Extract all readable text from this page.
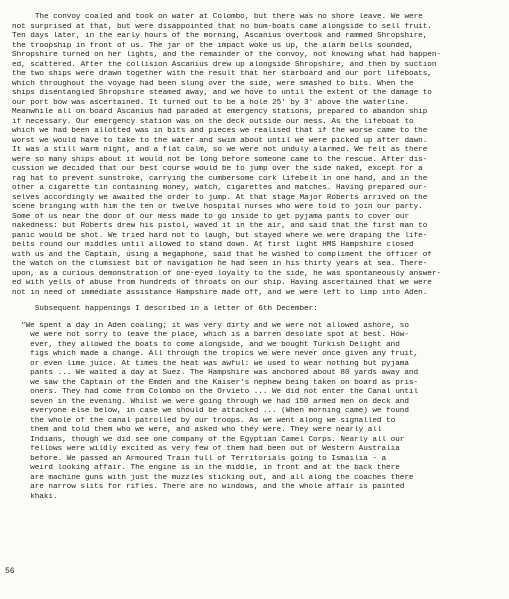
The convoy coaled and took on water at Colombo, but there was no shore leave. We were
not surprised at that, but were disappointed that no bum-boats came alongside to sell fruit.
Ten days later, in the early hours of the morning, Ascanius overtook and rammed Shropshire,
the troopship in front of us. The jar of the impact woke us up, the alarm bells sounded,
Shropshire turned on her lights, and the remainder of the convoy, not knowing what had happen-
ed, scattered. After the collision Ascanius drew up alongside Shropshire, and then by suction
the two ships were drawn together with the result that her starboard and our port lifeboats,
which throughout the voyage had been slung over the side, were smashed to bits. When the
ships disentangled Shropshire steamed away, and we hove to until the extent of the damage to
our port bow was ascertained. It turned out to be a hole 25' by 3' above the waterline.
Meanwhile all on board Ascanius had paraded at emergency stations, prepared to abandon ship
if necessary. Our emergency station was on the deck outside our mess. As the lifeboat to
which we had been allotted was in bits and pieces we realised that if the worse came to the
worst we would have to take to the water and swim about until we were picked up after dawn.
It was a still warm night, and a flat calm, so we were not unduly alarmed. We felt as there
were so many ships about it would not be long before someone came to the rescue. After dis-
cussion we decided that our best course would be to jump over the side naked, except for a
rag hat to prevent sunstroke, carrying the cumbersome cork lifebelt in one hand, and in the
other a cigarette tin containing money, watch, cigarettes and matches. Having prepared our-
selves accordingly we awaited the order to jump. At that stage Major Roberts arrived on the
scene bringing with him the ten or twelve hospital nurses who were told to join our party.
Some of us near the door of our mess made to go inside to get pyjama pants to cover our
nakedness: but Roberts drew his pistol, waved it in the air, and said that the first man to
panic would be shot. We tried hard not to laugh, but stayed where we were draping the life-
belts round our middles until allowed to stand down. At first light HMS Hampshire closed
with us and the Captain, using a megaphone, said that he wished to compliment the officer of
the watch on the clumsiest bit of navigation he had seen in his thirty years at sea. There-
upon, as a curious demonstration of one-eyed loyalty to the side, he was spontaneously answer-
ed with yells of abuse from hundreds of throats on our ship. Having ascertained that we were
not in need of immediate assistance Hampshire made off, and we were left to limp into Aden.
Subsequent happenings I described in a letter of 6th December:
"We spent a day in Aden coaling; it was very dirty and we were not allowed ashore, so
we were not sorry to leave the place, which is a barren desolate spot at best. How-
ever, they allowed the boats to come alongside, and we bought Turkish Delight and
figs which made a change. All through the tropics we were never once given any fruit,
or even lime juice. At times the heat was awful: we used to wear nothing but pyjama
pants ... We waited a day at Suez. The Hampshire was anchored about 80 yards away and
we saw the Captain of the Emden and the Kaiser's nephew being taken on board as pris-
oners. They had come from Colombo on the Orvieto ... We did not enter the Canal until
seven in the evening. Whilst we were going through we had 150 armed men on deck and
everyone else below, in case we should be attacked ... (When morning came) we found
the whole of the canal patrolled by our troops. As we went along we signalled to
them and told them who we were, and asked who they were. They were nearly all
Indians, though we did see one company of the Egyptian Camel Corps. Nearly all our
fellows were wildly excited as very few of them had been out of Western Australia
before. We passed an Armoured Train full of Territorials going to Ismailia - a
weird looking affair. The engine is in the middle, in front and at the back there
are machine guns with just the muzzles sticking out, and all along the coaches there
are narrow slits for rifles. There are no windows, and the whole affair is painted
khaki.
56
